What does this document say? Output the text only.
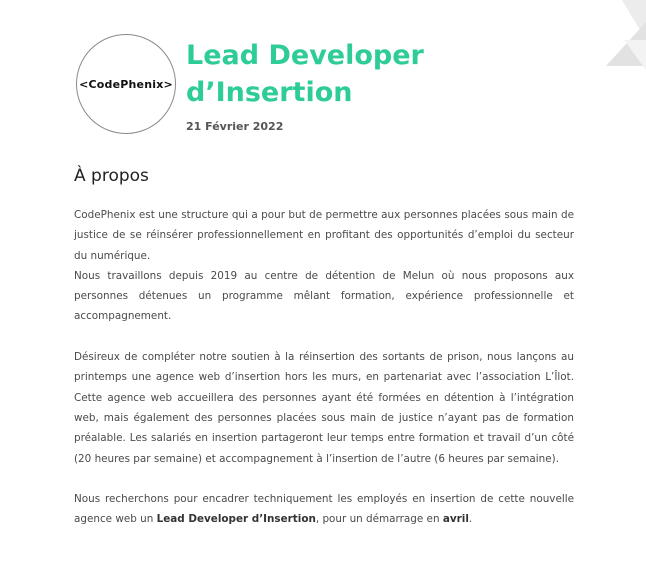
<CodePhenix>
Lead Developer
d’Insertion
21 Février 2022
À propos

CodePhenix est une structure qui a pour but de permettre aux personnes placées sous main de justice de se réinsérer professionnellement en profitant des opportunités d’emploi du secteur du numérique.

Nous travaillons depuis 2019 au centre de détention de Melun où nous proposons aux personnes détenues un programme mêlant formation, expérience professionnelle et accompagnement.

Désireux de compléter notre soutien à la réinsertion des sortants de prison, nous lançons au printemps une agence web d’insertion hors les murs, en partenariat avec l’association L’Îlot. Cette agence web accueillera des personnes ayant été formées en détention à l’intégration web, mais également des personnes placées sous main de justice n’ayant pas de formation préalable. Les salariés en insertion partageront leur temps entre formation et travail d’un côté (20 heures par semaine) et accompagnement à l’insertion de l’autre (6 heures par semaine).

Nous recherchons pour encadrer techniquement les employés en insertion de cette nouvelle agence web un Lead Developer d’Insertion, pour un démarrage en avril.
